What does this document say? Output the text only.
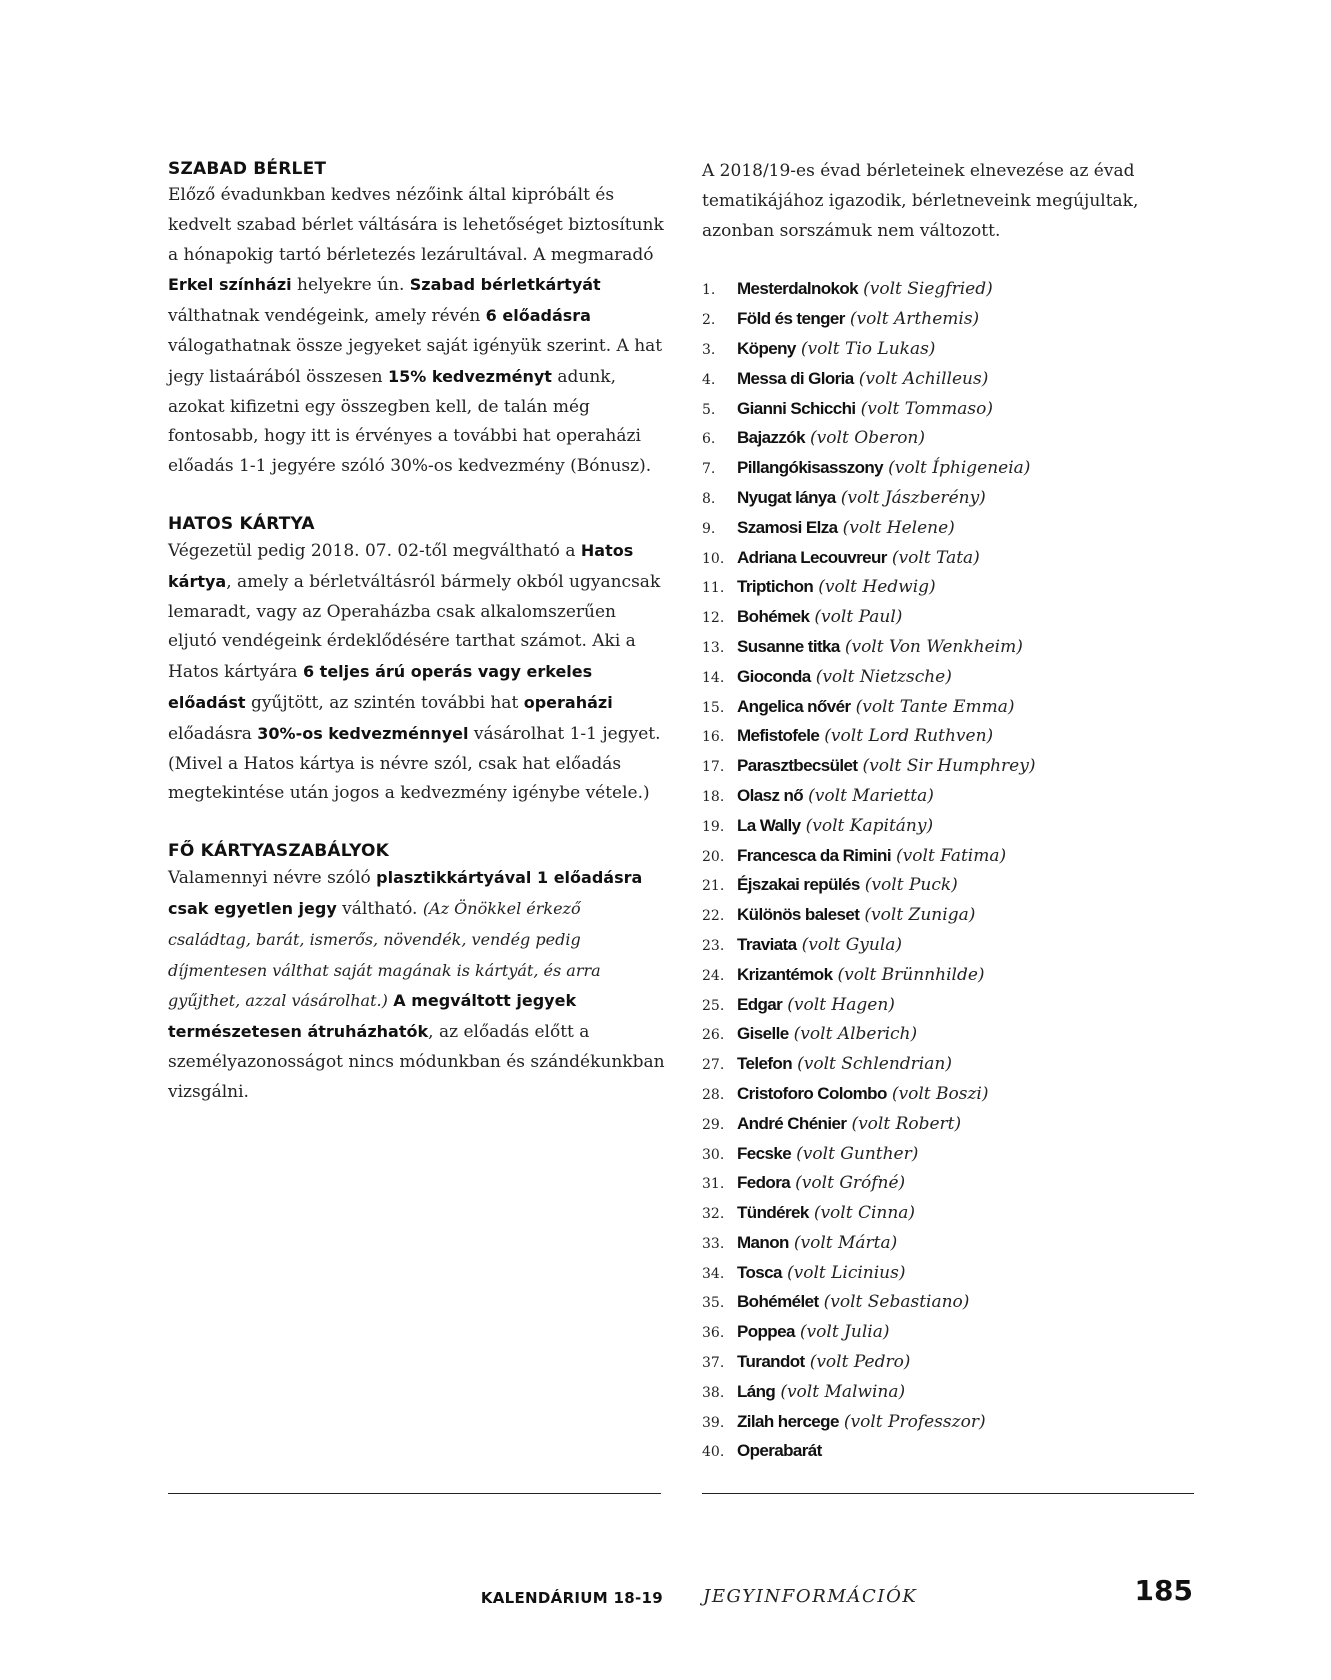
SZABAD BÉRLET
Előző évadunkban kedves nézőink által kipróbált és kedvelt szabad bérlet váltására is lehetőséget biztosítunk a hónapokig tartó bérletezés lezárultával. A megmaradó Erkel színházi helyekre ún. Szabad bérletkártyát válthatnak vendégeink, amely révén 6 előadásra válogathatnak össze jegyeket saját igényük szerint. A hat jegy listaárából összesen 15% kedvezményt adunk, azokat kifizetni egy összegben kell, de talán még fontosabb, hogy itt is érvényes a további hat operaházi előadás 1-1 jegyére szóló 30%-os kedvezmény (Bónusz).
HATOS KÁRTYA
Végezetül pedig 2018. 07. 02-től megváltható a Hatos kártya, amely a bérletváltásról bármely okból ugyancsak lemaradt, vagy az Operaházba csak alkalomszerűen eljutó vendégeink érdeklődésére tarthat számot. Aki a Hatos kártyára 6 teljes árú operás vagy erkeles előadást gyűjtött, az szintén további hat operaházi előadásra 30%-os kedvezménnyel vásárolhat 1-1 jegyet. (Mivel a Hatos kártya is névre szól, csak hat előadás megtekintése után jogos a kedvezmény igénybe vétele.)
FŐ KÁRTYASZABÁLYOK
Valamennyi névre szóló plasztikkártyával 1 előadásra csak egyetlen jegy váltható. (Az Önökkel érkező családtag, barát, ismerős, növendék, vendég pedig díjmentesen válthat saját magának is kártyát, és arra gyűjthet, azzal vásárolhat.) A megváltott jegyek természetesen átruházhatók, az előadás előtt a személyazonosságot nincs módunkban és szándékunkban vizsgálni.
A 2018/19-es évad bérleteinek elnevezése az évad tematikájához igazodik, bérletneveink megújultak, azonban sorszámuk nem változott.
1. Mesterdalnokok (volt Siegfried)
2. Föld és tenger (volt Arthemis)
3. Köpeny (volt Tio Lukas)
4. Messa di Gloria (volt Achilleus)
5. Gianni Schicchi (volt Tommaso)
6. Bajazzók (volt Oberon)
7. Pillangókisasszony (volt Íphigeneia)
8. Nyugat lánya (volt Jászberény)
9. Szamosi Elza (volt Helene)
10. Adriana Lecouvreur (volt Tata)
11. Triptichon (volt Hedwig)
12. Bohémek (volt Paul)
13. Susanne titka (volt Von Wenkheim)
14. Gioconda (volt Nietzsche)
15. Angelica nővér (volt Tante Emma)
16. Mefistofele (volt Lord Ruthven)
17. Parasztbecsület (volt Sir Humphrey)
18. Olasz nő (volt Marietta)
19. La Wally (volt Kapitány)
20. Francesca da Rimini (volt Fatima)
21. Éjszakai repülés (volt Puck)
22. Különös baleset (volt Zuniga)
23. Traviata (volt Gyula)
24. Krizantémok (volt Brünnhilde)
25. Edgar (volt Hagen)
26. Giselle (volt Alberich)
27. Telefon (volt Schlendrian)
28. Cristoforo Colombo (volt Boszi)
29. André Chénier (volt Robert)
30. Fecske (volt Gunther)
31. Fedora (volt Grófné)
32. Tündérek (volt Cinna)
33. Manon (volt Márta)
34. Tosca (volt Licinius)
35. Bohémélet (volt Sebastiano)
36. Poppea (volt Julia)
37. Turandot (volt Pedro)
38. Láng (volt Malwina)
39. Zilah hercege (volt Professzor)
40. Operabarát
KALENDÁRIUM 18-19 JEGYINFORMÁCIÓK	185
